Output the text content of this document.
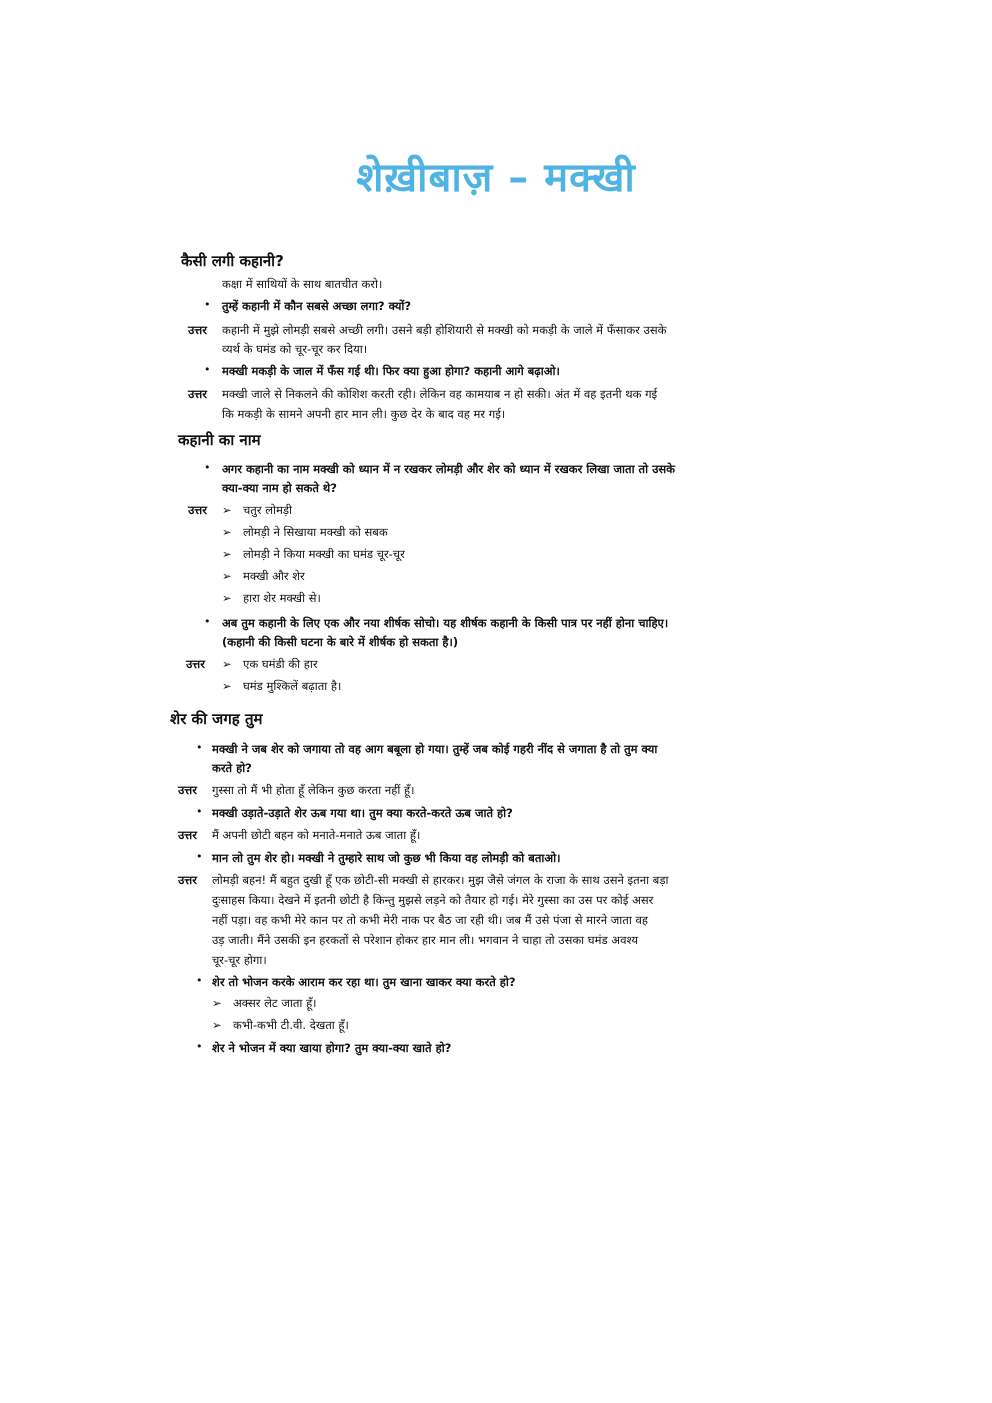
शेख़ीबाज़ – मक्खी
कैसी लगी कहानी?
कक्षा में साथियों के साथ बातचीत करो।
• तुम्हें कहानी में कौन सबसे अच्छा लगा? क्यों?
उत्तर कहानी में मुझे लोमड़ी सबसे अच्छी लगी। उसने बड़ी होशियारी से मक्खी को मकड़ी के जाले में फँसाकर उसके
व्यर्थ के घमंड को चूर-चूर कर दिया।
• मक्खी मकड़ी के जाल में फँस गई थी। फिर क्या हुआ होगा? कहानी आगे बढ़ाओ।
उत्तर मक्खी जाले से निकलने की कोशिश करती रही। लेकिन वह कामयाब न हो सकी। अंत में वह इतनी थक गई
कि मकड़ी के सामने अपनी हार मान ली। कुछ देर के बाद वह मर गई।
कहानी का नाम
• अगर कहानी का नाम मक्खी को ध्यान में न रखकर लोमड़ी और शेर को ध्यान में रखकर लिखा जाता तो उसके
क्या-क्या नाम हो सकते थे?
उत्तर ➢ चतुर लोमड़ी
➢ लोमड़ी ने सिखाया मक्खी को सबक
➢ लोमड़ी ने किया मक्खी का घमंड चूर-चूर
➢ मक्खी और शेर
➢ हारा शेर मक्खी से।
• अब तुम कहानी के लिए एक और नया शीर्षक सोचो। यह शीर्षक कहानी के किसी पात्र पर नहीं होना चाहिए।
(कहानी की किसी घटना के बारे में शीर्षक हो सकता है।)
उत्तर ➢ एक घमंडी की हार
➢ घमंड मुश्किलें बढ़ाता है।
शेर की जगह तुम
• मक्खी ने जब शेर को जगाया तो वह आग बबूला हो गया। तुम्हें जब कोई गहरी नींद से जगाता है तो तुम क्या
करते हो?
उत्तर गुस्सा तो मैं भी होता हूँ लेकिन कुछ करता नहीं हूँ।
• मक्खी उड़ाते-उड़ाते शेर ऊब गया था। तुम क्या करते-करते ऊब जाते हो?
उत्तर मैं अपनी छोटी बहन को मनाते-मनाते ऊब जाता हूँ।
• मान लो तुम शेर हो। मक्खी ने तुम्हारे साथ जो कुछ भी किया वह लोमड़ी को बताओ।
उत्तर लोमड़ी बहन! मैं बहुत दुखी हूँ एक छोटी-सी मक्खी से हारकर। मुझ जैसे जंगल के राजा के साथ उसने इतना बड़ा
दुःसाहस किया। देखने में इतनी छोटी है किन्तु मुझसे लड़ने को तैयार हो गई। मेरे गुस्सा का उस पर कोई असर
नहीं पड़ा। वह कभी मेरे कान पर तो कभी मेरी नाक पर बैठ जा रही थी। जब मैं उसे पंजा से मारने जाता वह
उड़ जाती। मैंने उसकी इन हरकतों से परेशान होकर हार मान ली। भगवान ने चाहा तो उसका घमंड अवश्य
चूर-चूर होगा।
• शेर तो भोजन करके आराम कर रहा था। तुम खाना खाकर क्या करते हो?
➢ अक्सर लेट जाता हूँ।
➢ कभी-कभी टी.वी. देखता हूँ।
• शेर ने भोजन में क्या खाया होगा? तुम क्या-क्या खाते हो?
